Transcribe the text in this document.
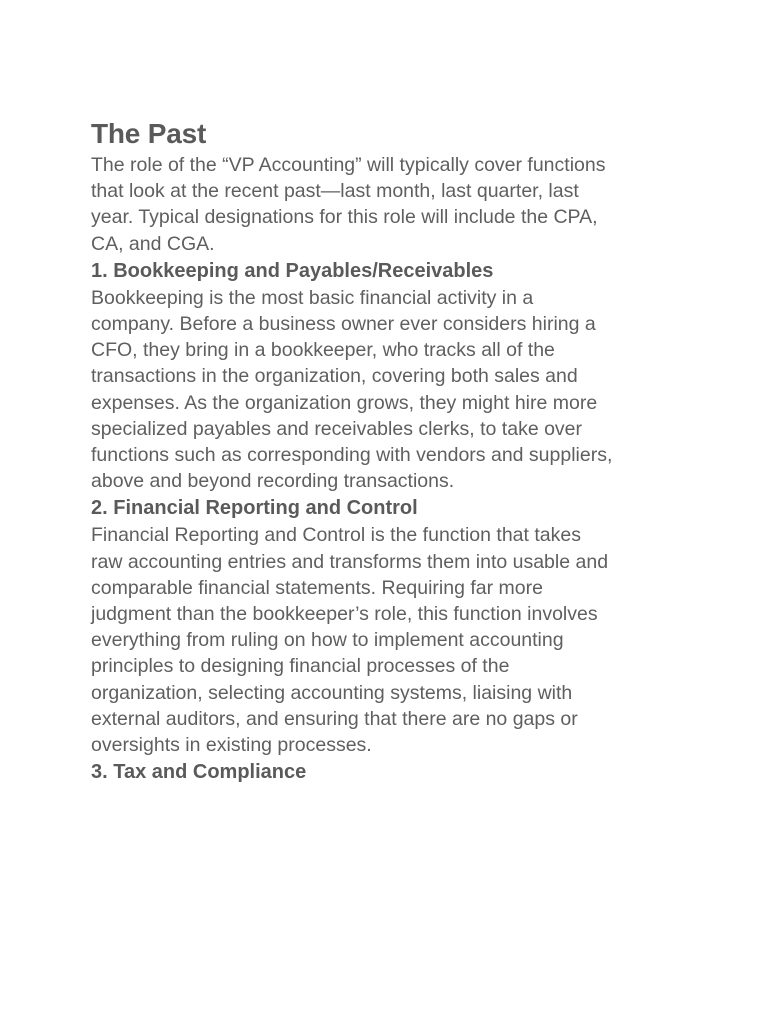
The Past

The role of the “VP Accounting” will typically cover functions
that look at the recent past—last month, last quarter, last
year. Typical designations for this role will include the CPA,
CA, and CGA.

1. Bookkeeping and Payables/Receivables

Bookkeeping is the most basic financial activity in a
company. Before a business owner ever considers hiring a
CFO, they bring in a bookkeeper, who tracks all of the
transactions in the organization, covering both sales and
expenses. As the organization grows, they might hire more
specialized payables and receivables clerks, to take over
functions such as corresponding with vendors and suppliers,
above and beyond recording transactions.

2. Financial Reporting and Control

Financial Reporting and Control is the function that takes
raw accounting entries and transforms them into usable and
comparable financial statements. Requiring far more
judgment than the bookkeeper’s role, this function involves
everything from ruling on how to implement accounting
principles to designing financial processes of the
organization, selecting accounting systems, liaising with
external auditors, and ensuring that there are no gaps or
oversights in existing processes.

3. Tax and Compliance
